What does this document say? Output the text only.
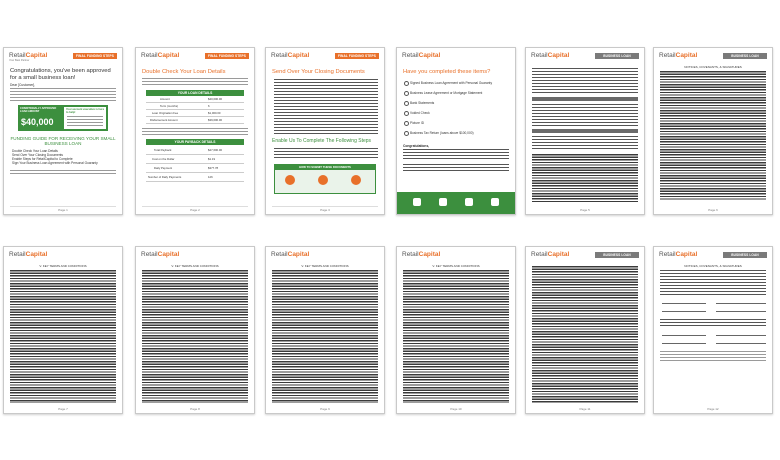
RetailCapital
Your Best Partner
FINAL FUNDING STEPS
Congratulations, you've been approved for a small business loan!
Dear [Customer],
CONDITIONALLY APPROVED LOAN AMOUNT
$40,000
Your account executive is here to help!
FUNDING GUIDE FOR RECEIVING YOUR SMALL BUSINESS LOAN
Double Check Your Loan Details
Send Over Your Closing Documents
Enable Steps for RetailCapital to Complete
Sign Your Business Loan Agreement with Personal Guaranty
Page 1
RetailCapital	FINAL FUNDING STEPS
Double Check Your Loan Details
YOUR LOAN DETAILS
Amount	$40,000.00
Term (months)	6
Loan Origination Fee	$1,000.00
Disbursement Amount	$39,000.00
YOUR PAYBACK DETAILS
Total Payback	$47,600.00
Cost on the Dollar	$1.19
Daily Payment	$377.78
Number of Daily Payments	126
Page 2
RetailCapital	FINAL FUNDING STEPS
Send Over Your Closing Documents
Enable Us To Complete The Following Steps
HOW TO SUBMIT THESE DOCUMENTS
Page 3
RetailCapital
Have you completed these items?
Signed Business Loan Agreement with Personal Guaranty
Business Lease Agreement or Mortgage Statement
Bank Statements
Voided Check
Picture ID
Business Tax Return (loans above $100,000)
Congratulations,
RetailCapital	BUSINESS LOAN AGREEMENT
Page 5
RetailCapital	BUSINESS LOAN AGREEMENT
NOTICES, COVENANTS, & SIGNATURES
Page 6
RetailCapital
V. KEY TERMS AND CONDITIONS
Page 7
RetailCapital
V. KEY TERMS AND CONDITIONS
Page 8
RetailCapital
V. KEY TERMS AND CONDITIONS
Page 9
RetailCapital
V. KEY TERMS AND CONDITIONS
Page 10
RetailCapital	BUSINESS LOAN AGREEMENT
Page 11
RetailCapital	BUSINESS LOAN AGREEMENT
NOTICES, COVENANTS, & SIGNATURES
Page 12
